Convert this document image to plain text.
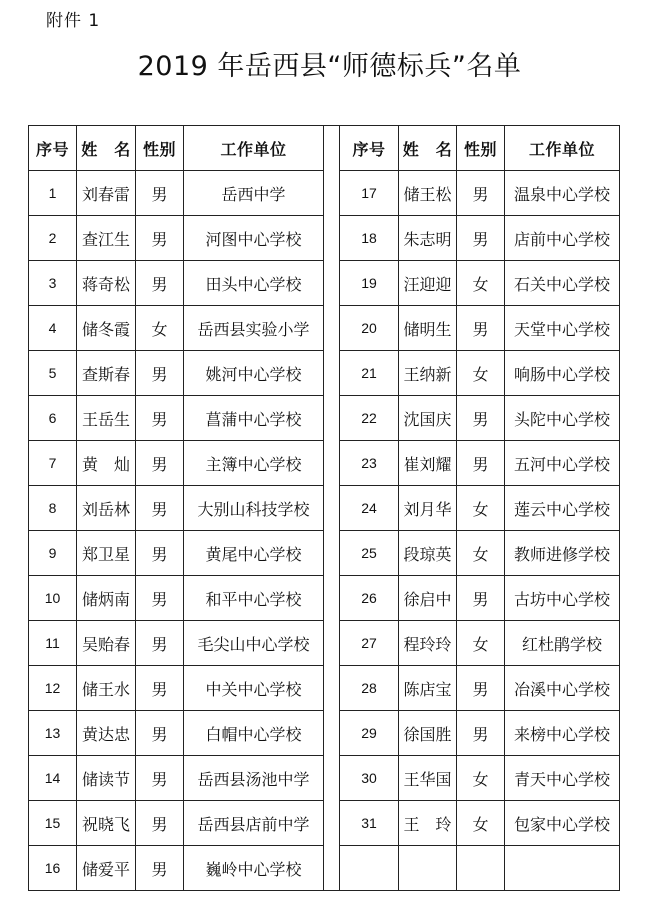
附件 1
2019 年岳西县“师德标兵”名单
序号	姓　名	性别	工作单位		序号	姓　名	性别	工作单位
1	刘春雷	男	岳西中学		17	储王松	男	温泉中心学校
2	查江生	男	河图中心学校		18	朱志明	男	店前中心学校
3	蒋奇松	男	田头中心学校		19	汪迎迎	女	石关中心学校
4	储冬霞	女	岳西县实验小学		20	储明生	男	天堂中心学校
5	查斯春	男	姚河中心学校		21	王纳新	女	响肠中心学校
6	王岳生	男	菖蒲中心学校		22	沈国庆	男	头陀中心学校
7	黄　灿	男	主簿中心学校		23	崔刘耀	男	五河中心学校
8	刘岳林	男	大别山科技学校		24	刘月华	女	莲云中心学校
9	郑卫星	男	黄尾中心学校		25	段琼英	女	教师进修学校
10	储炳南	男	和平中心学校		26	徐启中	男	古坊中心学校
11	吴贻春	男	毛尖山中心学校		27	程玲玲	女	红杜鹃学校
12	储王水	男	中关中心学校		28	陈店宝	男	冶溪中心学校
13	黄达忠	男	白帽中心学校		29	徐国胜	男	来榜中心学校
14	储读节	男	岳西县汤池中学		30	王华国	女	青天中心学校
15	祝晓飞	男	岳西县店前中学		31	王　玲	女	包家中心学校
16	储爱平	男	巍岭中心学校					
